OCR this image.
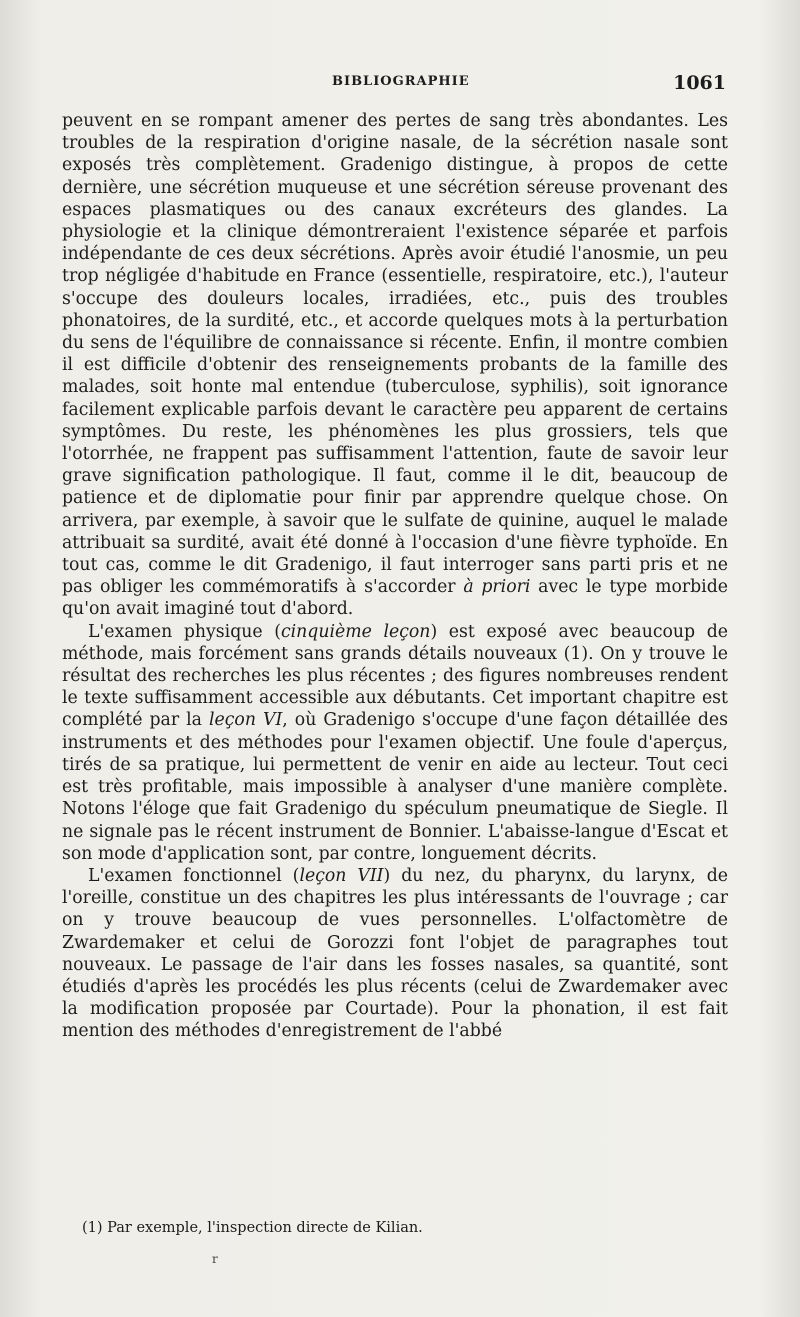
BIBLIOGRAPHIE	1061

peuvent en se rompant amener des pertes de sang très abondantes. Les troubles de la respiration d'origine nasale, de la sécrétion nasale sont exposés très complètement. Gradenigo distingue, à propos de cette dernière, une sécrétion muqueuse et une sécrétion séreuse provenant des espaces plasmatiques ou des canaux excréteurs des glandes. La physiologie et la clinique démontreraient l'existence séparée et parfois indépendante de ces deux sécrétions. Après avoir étudié l'anosmie, un peu trop négligée d'habitude en France (essentielle, respiratoire, etc.), l'auteur s'occupe des douleurs locales, irradiées, etc., puis des troubles phonatoires, de la surdité, etc., et accorde quelques mots à la perturbation du sens de l'équilibre de connaissance si récente. Enfin, il montre combien il est difficile d'obtenir des renseignements probants de la famille des malades, soit honte mal entendue (tuberculose, syphilis), soit ignorance facilement explicable parfois devant le caractère peu apparent de certains symptômes. Du reste, les phénomènes les plus grossiers, tels que l'otorrhée, ne frappent pas suffisamment l'attention, faute de savoir leur grave signification pathologique. Il faut, comme il le dit, beaucoup de patience et de diplomatie pour finir par apprendre quelque chose. On arrivera, par exemple, à savoir que le sulfate de quinine, auquel le malade attribuait sa surdité, avait été donné à l'occasion d'une fièvre typhoïde. En tout cas, comme le dit Gradenigo, il faut interroger sans parti pris et ne pas obliger les commémoratifs à s'accorder à priori avec le type morbide qu'on avait imaginé tout d'abord.

L'examen physique (cinquième leçon) est exposé avec beaucoup de méthode, mais forcément sans grands détails nouveaux (1). On y trouve le résultat des recherches les plus récentes ; des figures nombreuses rendent le texte suffisamment accessible aux débutants. Cet important chapitre est complété par la leçon VI, où Gradenigo s'occupe d'une façon détaillée des instruments et des méthodes pour l'examen objectif. Une foule d'aperçus, tirés de sa pratique, lui permettent de venir en aide au lecteur. Tout ceci est très profitable, mais impossible à analyser d'une manière complète. Notons l'éloge que fait Gradenigo du spéculum pneumatique de Siegle. Il ne signale pas le récent instrument de Bonnier. L'abaisse-langue d'Escat et son mode d'application sont, par contre, longuement décrits.

L'examen fonctionnel (leçon VII) du nez, du pharynx, du larynx, de l'oreille, constitue un des chapitres les plus intéressants de l'ouvrage ; car on y trouve beaucoup de vues personnelles. L'olfactomètre de Zwardemaker et celui de Gorozzi font l'objet de paragraphes tout nouveaux. Le passage de l'air dans les fosses nasales, sa quantité, sont étudiés d'après les procédés les plus récents (celui de Zwardemaker avec la modification proposée par Courtade). Pour la phonation, il est fait mention des méthodes d'enregistrement de l'abbé

(1) Par exemple, l'inspection directe de Kilian.
r
